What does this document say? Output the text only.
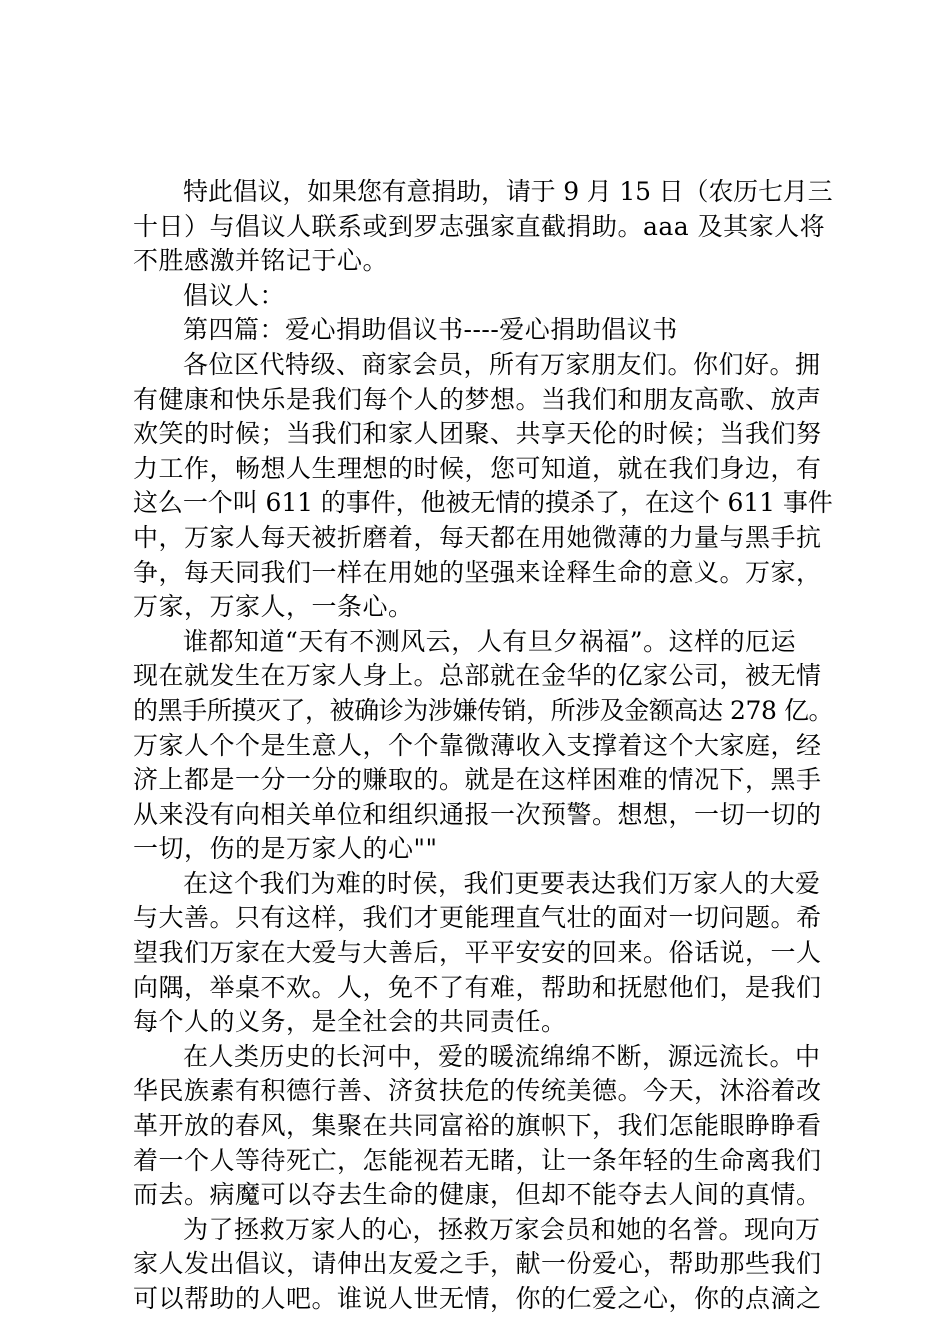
特此倡议，如果您有意捐助，请于 9 月 15 日（农历七月三
十日）与倡议人联系或到罗志强家直截捐助。aaa 及其家人将
不胜感激并铭记于心。
倡议人：
第四篇：爱心捐助倡议书----爱心捐助倡议书
各位区代特级、商家会员，所有万家朋友们。你们好。拥
有健康和快乐是我们每个人的梦想。当我们和朋友高歌、放声
欢笑的时候；当我们和家人团聚、共享天伦的时候；当我们努
力工作，畅想人生理想的时候，您可知道，就在我们身边，有
这么一个叫 611 的事件，他被无情的摸杀了，在这个 611 事件
中，万家人每天被折磨着，每天都在用她微薄的力量与黑手抗
争，每天同我们一样在用她的坚强来诠释生命的意义。万家，
万家，万家人，一条心。
谁都知道“天有不测风云，人有旦夕祸福”。这样的厄运
现在就发生在万家人身上。总部就在金华的亿家公司，被无情
的黑手所摸灭了，被确诊为涉嫌传销，所涉及金额高达 278 亿。
万家人个个是生意人，个个靠微薄收入支撑着这个大家庭，经
济上都是一分一分的赚取的。就是在这样困难的情况下，黑手
从来没有向相关单位和组织通报一次预警。想想，一切一切的
一切，伤的是万家人的心""
在这个我们为难的时侯，我们更要表达我们万家人的大爱
与大善。只有这样，我们才更能理直气壮的面对一切问题。希
望我们万家在大爱与大善后，平平安安的回来。俗话说，一人
向隅，举桌不欢。人，免不了有难，帮助和抚慰他们，是我们
每个人的义务，是全社会的共同责任。
在人类历史的长河中，爱的暖流绵绵不断，源远流长。中
华民族素有积德行善、济贫扶危的传统美德。今天，沐浴着改
革开放的春风，集聚在共同富裕的旗帜下，我们怎能眼睁睁看
着一个人等待死亡，怎能视若无睹，让一条年轻的生命离我们
而去。病魔可以夺去生命的健康，但却不能夺去人间的真情。
为了拯救万家人的心，拯救万家会员和她的名誉。现向万
家人发出倡议，请伸出友爱之手，献一份爱心，帮助那些我们
可以帮助的人吧。谁说人世无情，你的仁爱之心，你的点滴之
